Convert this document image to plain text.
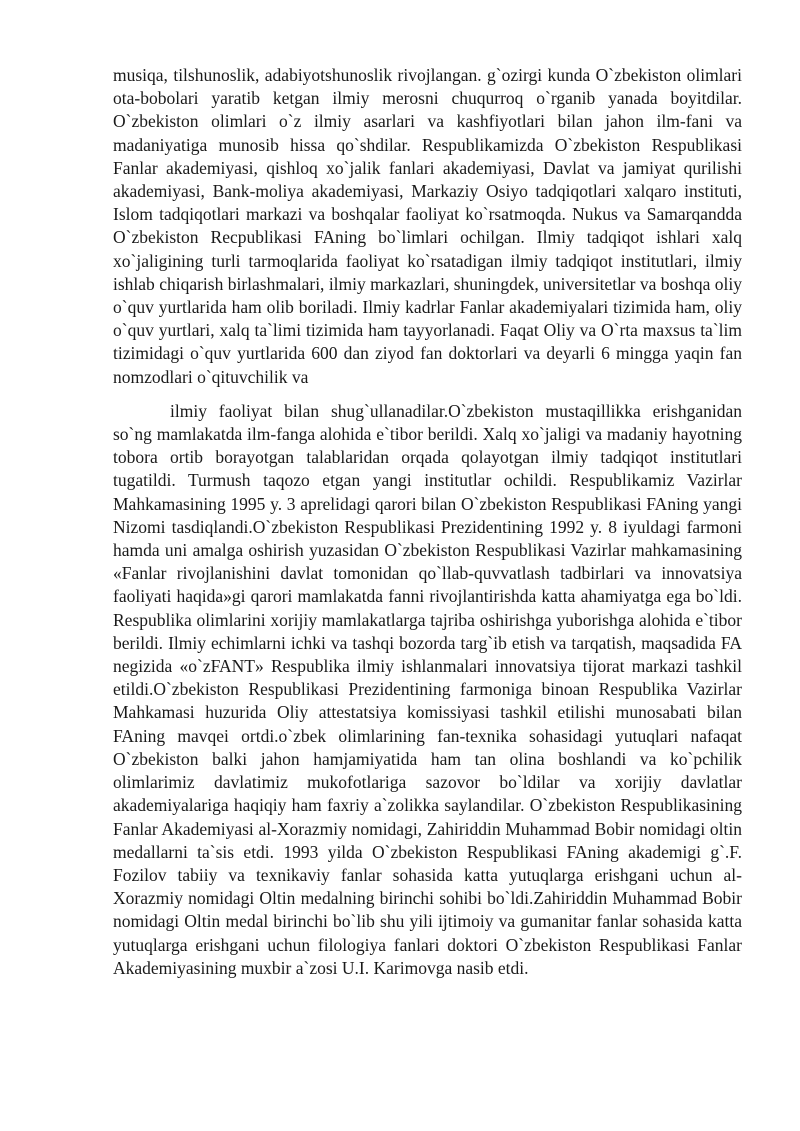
musiqa, tilshunoslik, adabiyotshunoslik rivojlangan. g`ozirgi kunda O`zbekiston olimlari ota-bobolari yaratib ketgan ilmiy merosni chuqurroq o`rganib yanada boyitdilar. O`zbekiston olimlari o`z ilmiy asarlari va kashfiyotlari bilan jahon ilm-fani va madaniyatiga munosib hissa qo`shdilar. Respublikamizda O`zbekiston Respublikasi Fanlar akademiyasi, qishloq xo`jalik fanlari akademiyasi, Davlat va jamiyat qurilishi akademiyasi, Bank-moliya akademiyasi, Markaziy Osiyo tadqiqotlari xalqaro instituti, Islom tadqiqotlari markazi va boshqalar faoliyat ko`rsatmoqda. Nukus va Samarqandda O`zbekiston Recpublikasi FAning bo`limlari ochilgan. Ilmiy tadqiqot ishlari xalq xo`jaligining turli tarmoqlarida faoliyat ko`rsatadigan ilmiy tadqiqot institutlari, ilmiy ishlab chiqarish birlashmalari, ilmiy markazlari, shuningdek, universitetlar va boshqa oliy o`quv yurtlarida ham olib boriladi. Ilmiy kadrlar Fanlar akademiyalari tizimida ham, oliy o`quv yurtlari, xalq ta`limi tizimida ham tayyorlanadi. Faqat Oliy va O`rta maxsus ta`lim tizimidagi o`quv yurtlarida 600 dan ziyod fan doktorlari va deyarli 6 mingga yaqin fan nomzodlari o`qituvchilik va

ilmiy faoliyat bilan shug`ullanadilar.O`zbekiston mustaqillikka erishganidan so`ng mamlakatda ilm-fanga alohida e`tibor berildi. Xalq xo`jaligi va madaniy hayotning tobora ortib borayotgan talablaridan orqada qolayotgan ilmiy tadqiqot institutlari tugatildi. Turmush taqozo etgan yangi institutlar ochildi. Respublikamiz Vazirlar Mahkamasining 1995 y. 3 aprelidagi qarori bilan O`zbekiston Respublikasi FAning yangi Nizomi tasdiqlandi.O`zbekiston Respublikasi Prezidentining 1992 y. 8 iyuldagi farmoni hamda uni amalga oshirish yuzasidan O`zbekiston Respublikasi Vazirlar mahkamasining «Fanlar rivojlanishini davlat tomonidan qo`llab-quvvatlash tadbirlari va innovatsiya faoliyati haqida»gi qarori mamlakatda fanni rivojlantirishda katta ahamiyatga ega bo`ldi. Respublika olimlarini xorijiy mamlakatlarga tajriba oshirishga yuborishga alohida e`tibor berildi. Ilmiy echimlarni ichki va tashqi bozorda targ`ib etish va tarqatish, maqsadida FA negizida «o`zFANT» Respublika ilmiy ishlanmalari innovatsiya tijorat markazi tashkil etildi.O`zbekiston Respublikasi Prezidentining farmoniga binoan Respublika Vazirlar Mahkamasi huzurida Oliy attestatsiya komissiyasi tashkil etilishi munosabati bilan FAning mavqei ortdi.o`zbek olimlarining fan-texnika sohasidagi yutuqlari nafaqat O`zbekiston balki jahon hamjamiyatida ham tan olina boshlandi va ko`pchilik olimlarimiz davlatimiz mukofotlariga sazovor bo`ldilar va xorijiy davlatlar akademiyalariga haqiqiy ham faxriy a`zolikka saylandilar. O`zbekiston Respublikasining Fanlar Akademiyasi al-Xorazmiy nomidagi, Zahiriddin Muhammad Bobir nomidagi oltin medallarni ta`sis etdi. 1993 yilda O`zbekiston Respublikasi FAning akademigi g`.F. Fozilov tabiiy va texnikaviy fanlar sohasida katta yutuqlarga erishgani uchun al-Xorazmiy nomidagi Oltin medalning birinchi sohibi bo`ldi.Zahiriddin Muhammad Bobir nomidagi Oltin medal birinchi bo`lib shu yili ijtimoiy va gumanitar fanlar sohasida katta yutuqlarga erishgani uchun filologiya fanlari doktori O`zbekiston Respublikasi Fanlar Akademiyasining muxbir a`zosi U.I. Karimovga nasib etdi.
